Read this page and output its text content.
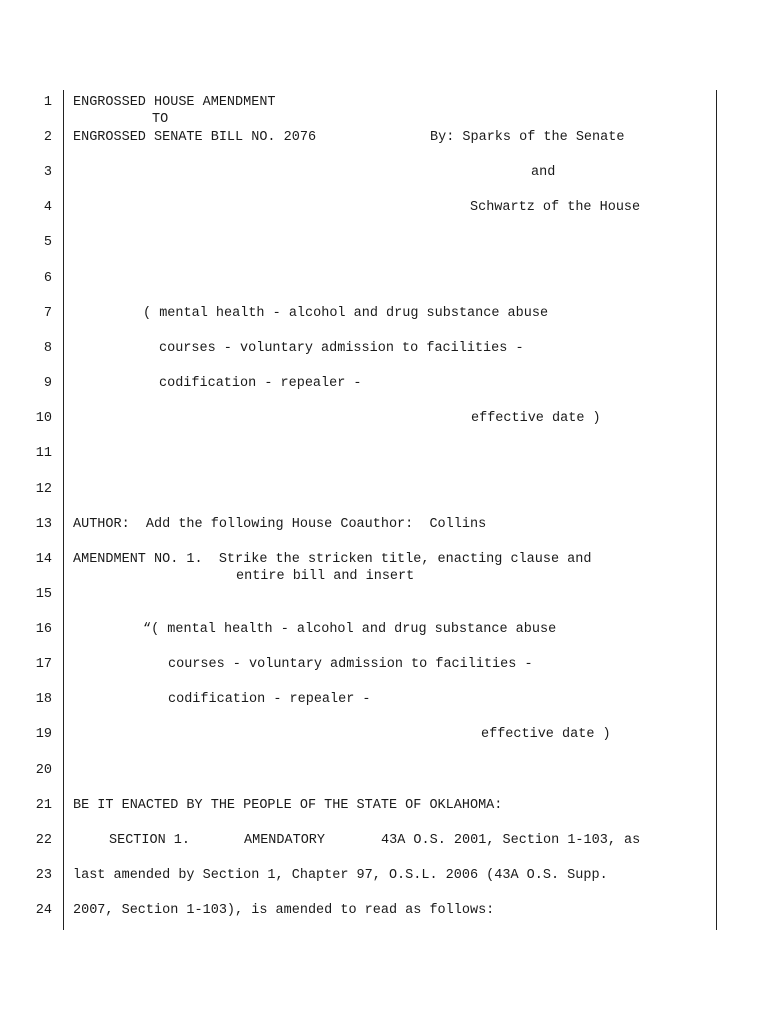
1
2
3
4
5
6
7
8
9
10
11
12
13
14
15
16
17
18
19
20
21
22
23
24
ENGROSSED HOUSE AMENDMENT
TO
ENGROSSED SENATE BILL NO. 2076	By: Sparks of the Senate
and
Schwartz of the House
( mental health - alcohol and drug substance abuse
courses - voluntary admission to facilities -
codification - repealer -
effective date )
AUTHOR:  Add the following House Coauthor:  Collins
AMENDMENT NO. 1.  Strike the stricken title, enacting clause and
entire bill and insert
“( mental health - alcohol and drug substance abuse
courses - voluntary admission to facilities -
codification - repealer -
effective date )
BE IT ENACTED BY THE PEOPLE OF THE STATE OF OKLAHOMA:
SECTION 1.	AMENDATORY	43A O.S. 2001, Section 1-103, as
last amended by Section 1, Chapter 97, O.S.L. 2006 (43A O.S. Supp.
2007, Section 1-103), is amended to read as follows:
